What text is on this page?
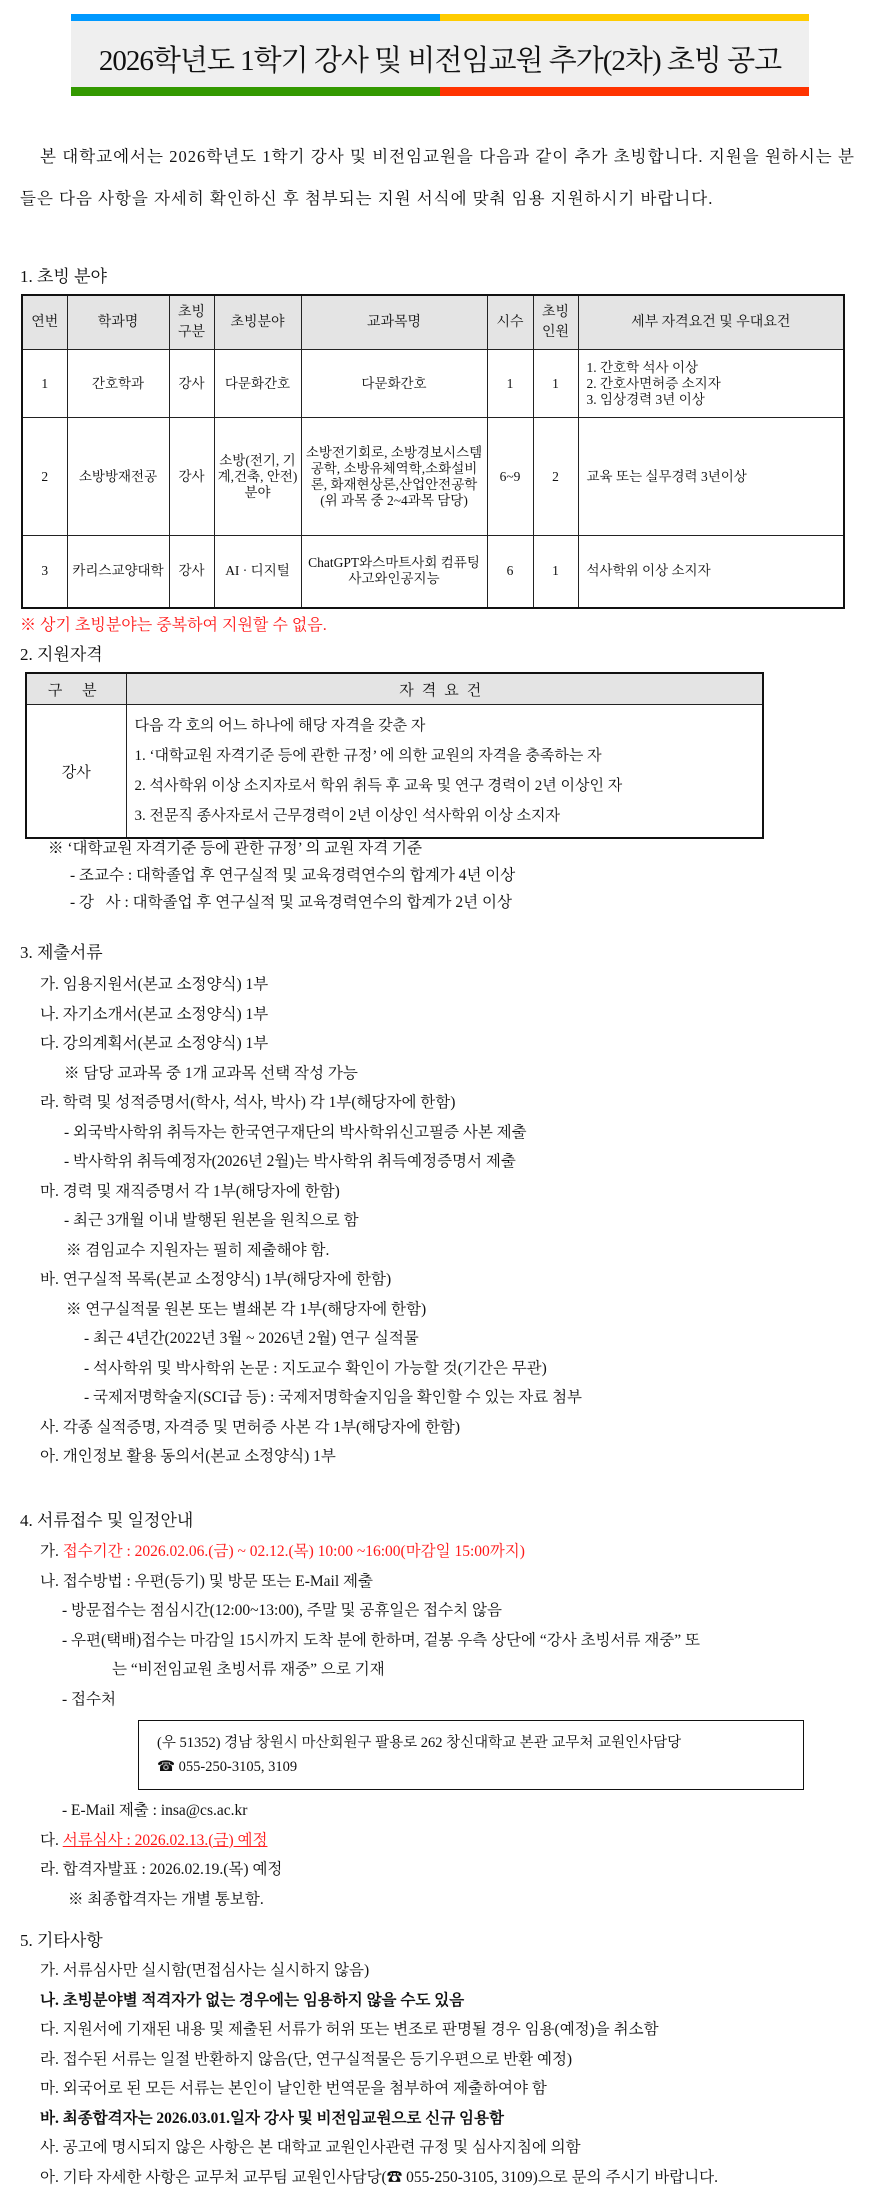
2026학년도 1학기 강사 및 비전임교원 추가(2차) 초빙 공고

본 대학교에서는 2026학년도 1학기 강사 및 비전임교원을 다음과 같이 추가 초빙합니다. 지원을 원하시는 분들은 다음 사항을 자세히 확인하신 후 첨부되는 지원 서식에 맞춰 임용 지원하시기 바랍니다.

1. 초빙 분야
연번	학과명	초빙 구분	초빙분야	교과목명	시수	초빙 인원	세부 자격요건 및 우대요건
1	간호학과	강사	다문화간호	다문화간호	1	1	1. 간호학 석사 이상
2. 간호사면허증 소지자
3. 임상경력 3년 이상

2	소방방재전공	강사	소방(전기, 기계,건축, 안전) 분야	소방전기회로, 소방경보시스템공학, 소방유체역학,소화설비론, 화재현상론,산업안전공학 (위 과목 중 2~4과목 담당)	6~9	2	교육 또는 실무경력 3년이상

3	카리스교양대학	강사	AI · 디지털	ChatGPT와스마트사회 컴퓨팅사고와인공지능	6	1	석사학위 이상 소지자
※ 상기 초빙분야는 중복하여 지원할 수 없음.
2. 지원자격
구 분	자격요건
강사	다음 각 호의 어느 하나에 해당 자격을 갖춘 자
1. ‘대학교원 자격기준 등에 관한 규정’ 에 의한 교원의 자격을 충족하는 자
2. 석사학위 이상 소지자로서 학위 취득 후 교육 및 연구 경력이 2년 이상인 자
3. 전문직 종사자로서 근무경력이 2년 이상인 석사학위 이상 소지자
※ ‘대학교원 자격기준 등에 관한 규정’ 의 교원 자격 기준
- 조교수 : 대학졸업 후 연구실적 및 교육경력연수의 합계가 4년 이상
- 강   사 : 대학졸업 후 연구실적 및 교육경력연수의 합계가 2년 이상
3. 제출서류
가. 임용지원서(본교 소정양식) 1부
나. 자기소개서(본교 소정양식) 1부
다. 강의계획서(본교 소정양식) 1부
※ 담당 교과목 중 1개 교과목 선택 작성 가능
라. 학력 및 성적증명서(학사, 석사, 박사) 각 1부(해당자에 한함)
- 외국박사학위 취득자는 한국연구재단의 박사학위신고필증 사본 제출
- 박사학위 취득예정자(2026년 2월)는 박사학위 취득예정증명서 제출
마. 경력 및 재직증명서 각 1부(해당자에 한함)
- 최근 3개월 이내 발행된 원본을 원칙으로 함
※ 겸임교수 지원자는 필히 제출해야 함.
바. 연구실적 목록(본교 소정양식) 1부(해당자에 한함)
※ 연구실적물 원본 또는 별쇄본 각 1부(해당자에 한함)
- 최근 4년간(2022년 3월 ~ 2026년 2월) 연구 실적물
- 석사학위 및 박사학위 논문 : 지도교수 확인이 가능할 것(기간은 무관)
- 국제저명학술지(SCI급 등) : 국제저명학술지임을 확인할 수 있는 자료 첨부
사. 각종 실적증명, 자격증 및 면허증 사본 각 1부(해당자에 한함)
아. 개인정보 활용 동의서(본교 소정양식) 1부
4. 서류접수 및 일정안내
가. 접수기간 : 2026.02.06.(금) ~ 02.12.(목) 10:00 ~16:00(마감일 15:00까지)
나. 접수방법 : 우편(등기) 및 방문 또는 E-Mail 제출
- 방문접수는 점심시간(12:00~13:00), 주말 및 공휴일은 접수치 않음
- 우편(택배)접수는 마감일 15시까지 도착 분에 한하며, 겉봉 우측 상단에 “강사 초빙서류 재중” 또
는 “비전임교원 초빙서류 재중” 으로 기재
- 접수처
(우 51352) 경남 창원시 마산회원구 팔용로 262 창신대학교 본관 교무처 교원인사담당
☎ 055-250-3105, 3109
- E-Mail 제출 : insa@cs.ac.kr
다. 서류심사 : 2026.02.13.(금) 예정
라. 합격자발표 : 2026.02.19.(목) 예정
※ 최종합격자는 개별 통보함.
5. 기타사항
가. 서류심사만 실시함(면접심사는 실시하지 않음)
나. 초빙분야별 적격자가 없는 경우에는 임용하지 않을 수도 있음
다. 지원서에 기재된 내용 및 제출된 서류가 허위 또는 변조로 판명될 경우 임용(예정)을 취소함
라. 접수된 서류는 일절 반환하지 않음(단, 연구실적물은 등기우편으로 반환 예정)
마. 외국어로 된 모든 서류는 본인이 날인한 번역문을 첨부하여 제출하여야 함
바. 최종합격자는 2026.03.01.일자 강사 및 비전임교원으로 신규 임용함
사. 공고에 명시되지 않은 사항은 본 대학교 교원인사관련 규정 및 심사지침에 의함
아. 기타 자세한 사항은 교무처 교무팀 교원인사담당(☎ 055-250-3105, 3109)으로 문의 주시기 바랍니다.
